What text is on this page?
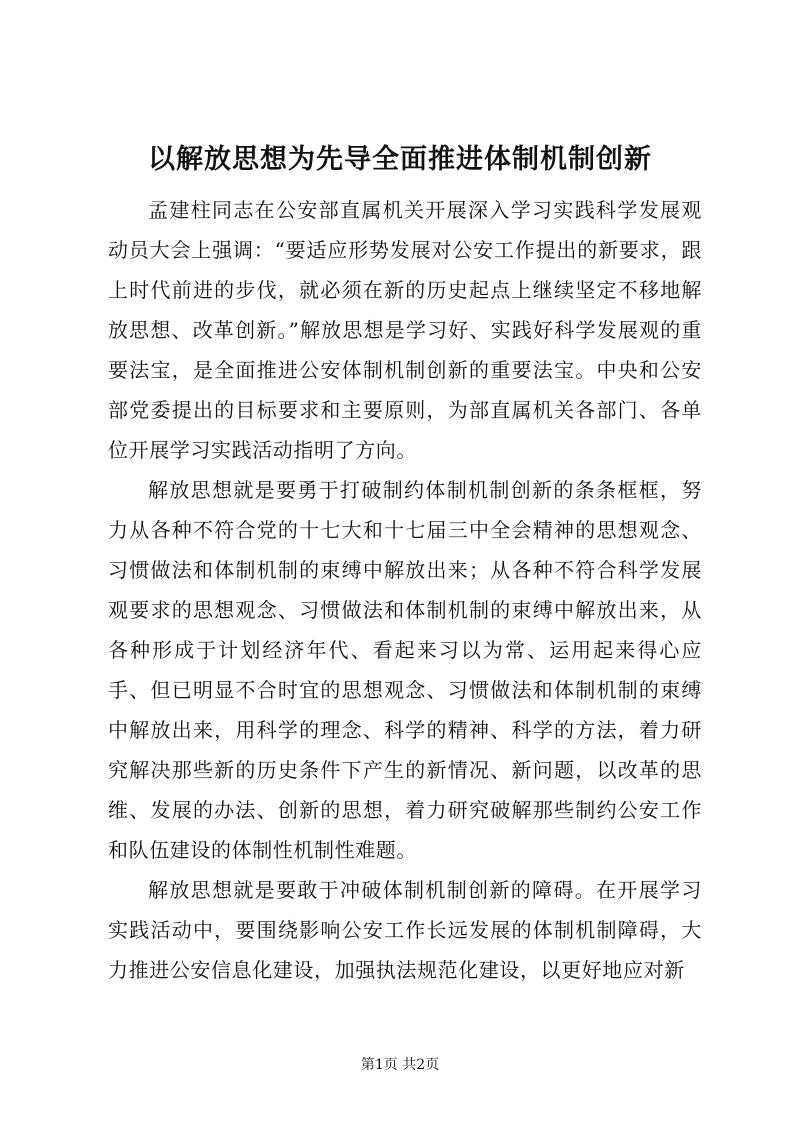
以解放思想为先导全面推进体制机制创新

孟建柱同志在公安部直属机关开展深入学习实践科学发展观动员大会上强调：“要适应形势发展对公安工作提出的新要求，跟上时代前进的步伐，就必须在新的历史起点上继续坚定不移地解放思想、改革创新。”解放思想是学习好、实践好科学发展观的重要法宝，是全面推进公安体制机制创新的重要法宝。中央和公安部党委提出的目标要求和主要原则，为部直属机关各部门、各单位开展学习实践活动指明了方向。

解放思想就是要勇于打破制约体制机制创新的条条框框，努力从各种不符合党的十七大和十七届三中全会精神的思想观念、习惯做法和体制机制的束缚中解放出来；从各种不符合科学发展观要求的思想观念、习惯做法和体制机制的束缚中解放出来，从各种形成于计划经济年代、看起来习以为常、运用起来得心应手、但已明显不合时宜的思想观念、习惯做法和体制机制的束缚中解放出来，用科学的理念、科学的精神、科学的方法，着力研究解决那些新的历史条件下产生的新情况、新问题，以改革的思维、发展的办法、创新的思想，着力研究破解那些制约公安工作和队伍建设的体制性机制性难题。

解放思想就是要敢于冲破体制机制创新的障碍。在开展学习实践活动中，要围绕影响公安工作长远发展的体制机制障碍，大力推进公安信息化建设，加强执法规范化建设，以更好地应对新

第1页 共2页
